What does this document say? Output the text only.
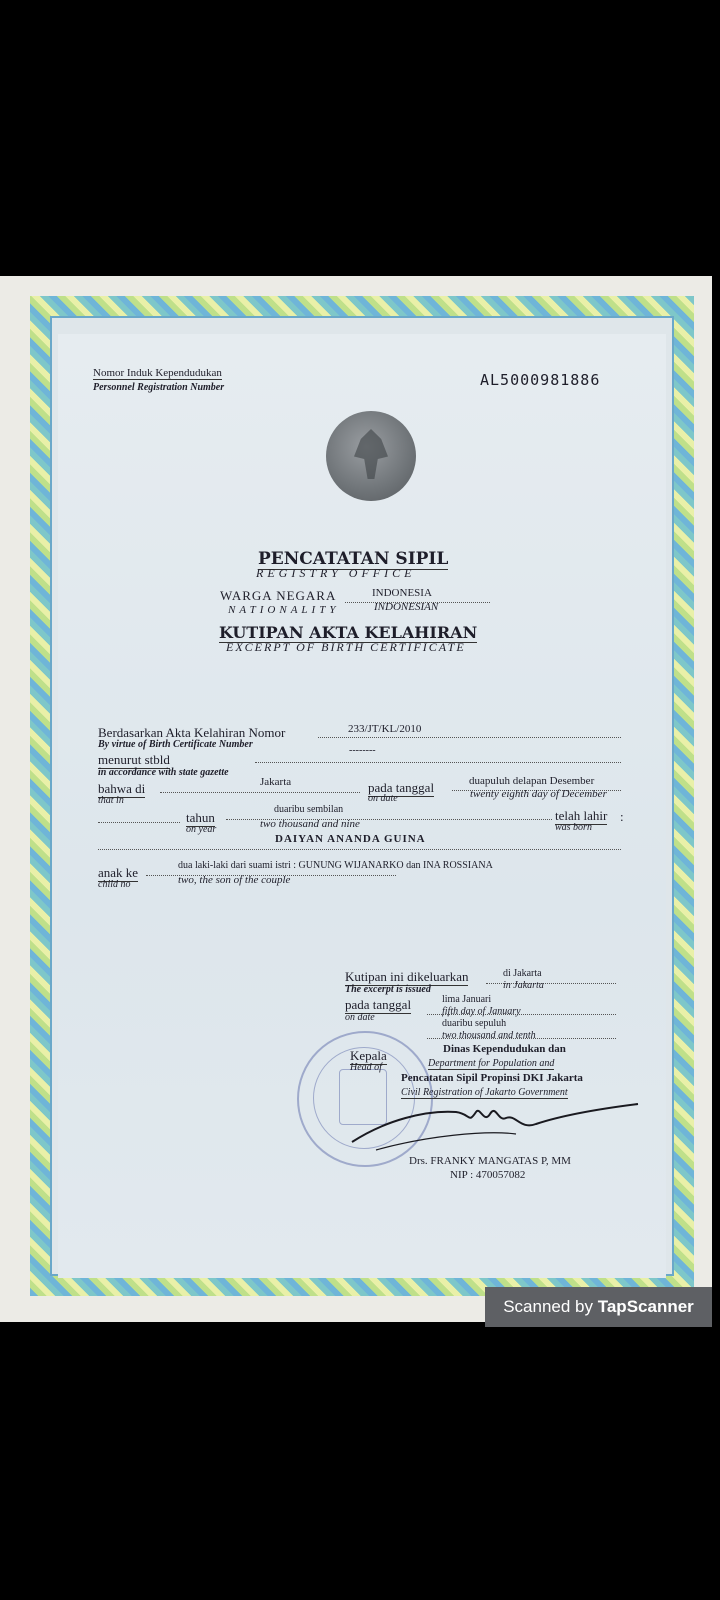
Nomor Induk Kependudukan
Personnel Registration Number	AL5000981886
PENCATATAN SIPIL
REGISTRY OFFICE
WARGA NEGARA
NATIONALITY
INDONESIA
INDONESIAN
KUTIPAN AKTA KELAHIRAN
EXCERPT OF BIRTH CERTIFICATE
Berdasarkan Akta Kelahiran Nomor
By virtue of Birth Certificate Number
233/JT/KL/2010
--------
menurut stbld
in accordance with state gazette
bahwa di
that in
Jakarta	pada tanggal
on date
duapuluh delapan Desember
twenty eighth day of December
tahun
on year
duaribu sembilan
two thousand and nine
telah lahir
was born
:
DAIYAN ANANDA GUINA
anak ke
child no
dua laki-laki dari suami istri : GUNUNG WIJANARKO dan INA ROSSIANA
two, the son of the couple
Kutipan ini dikeluarkan
The excerpt is issued
di Jakarta
in Jakarta
pada tanggal
on date
lima Januari
fifth day of January
duaribu sepuluh
two thousand and tenth
Kepala
Head of
Dinas Kependudukan dan
Department for Population and
Pencatatan Sipil Propinsi DKI Jakarta
Civil Registration of Jakarto Government
Drs. FRANKY MANGATAS P, MM
NIP : 470057082
Scanned by TapScanner
